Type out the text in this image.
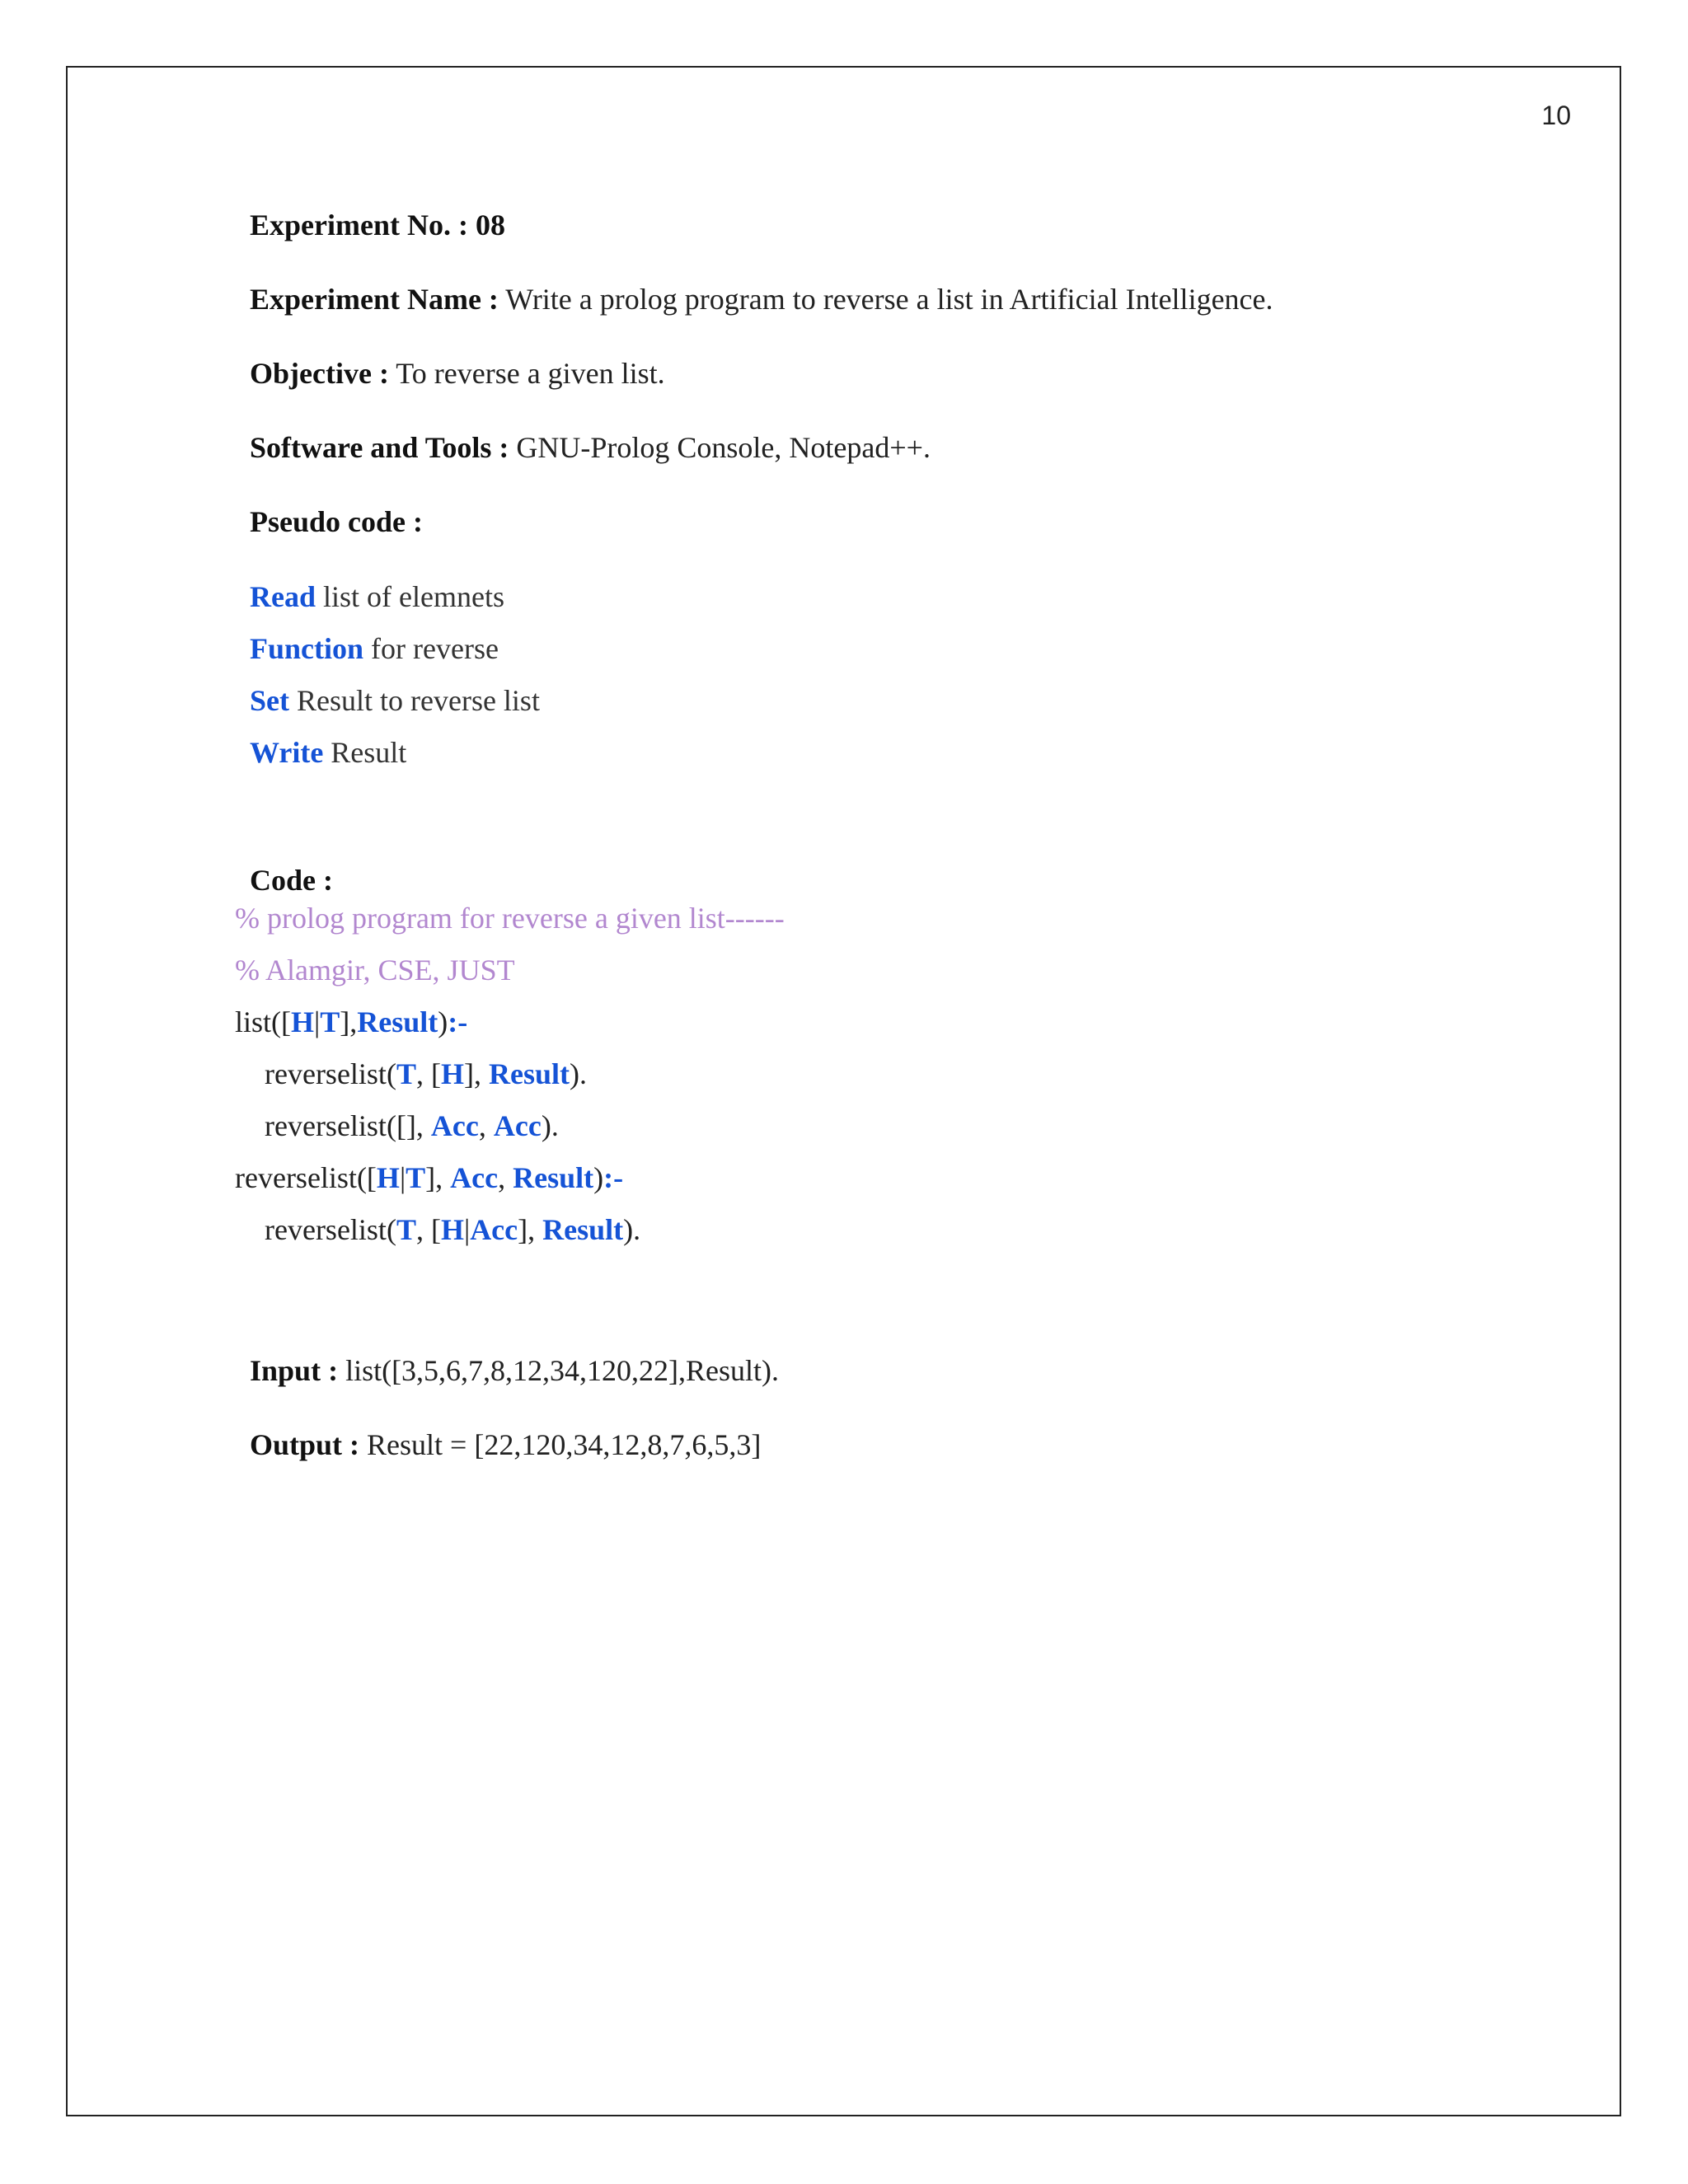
10

Experiment No. : 08

Experiment Name : Write a prolog program to reverse a list in Artificial Intelligence.

Objective : To reverse a given list.

Software and Tools : GNU-Prolog Console, Notepad++.

Pseudo code :

Read list of elemnets

Function for reverse

Set Result to reverse list

Write Result

Code :

% prolog program for reverse a given list------
% Alamgir, CSE, JUST
list([H|T],Result):-
reverselist(T, [H], Result).
reverselist([], Acc, Acc).
reverselist([H|T], Acc, Result):-
reverselist(T, [H|Acc], Result).

Input : list([3,5,6,7,8,12,34,120,22],Result).

Output : Result = [22,120,34,12,8,7,6,5,3]
